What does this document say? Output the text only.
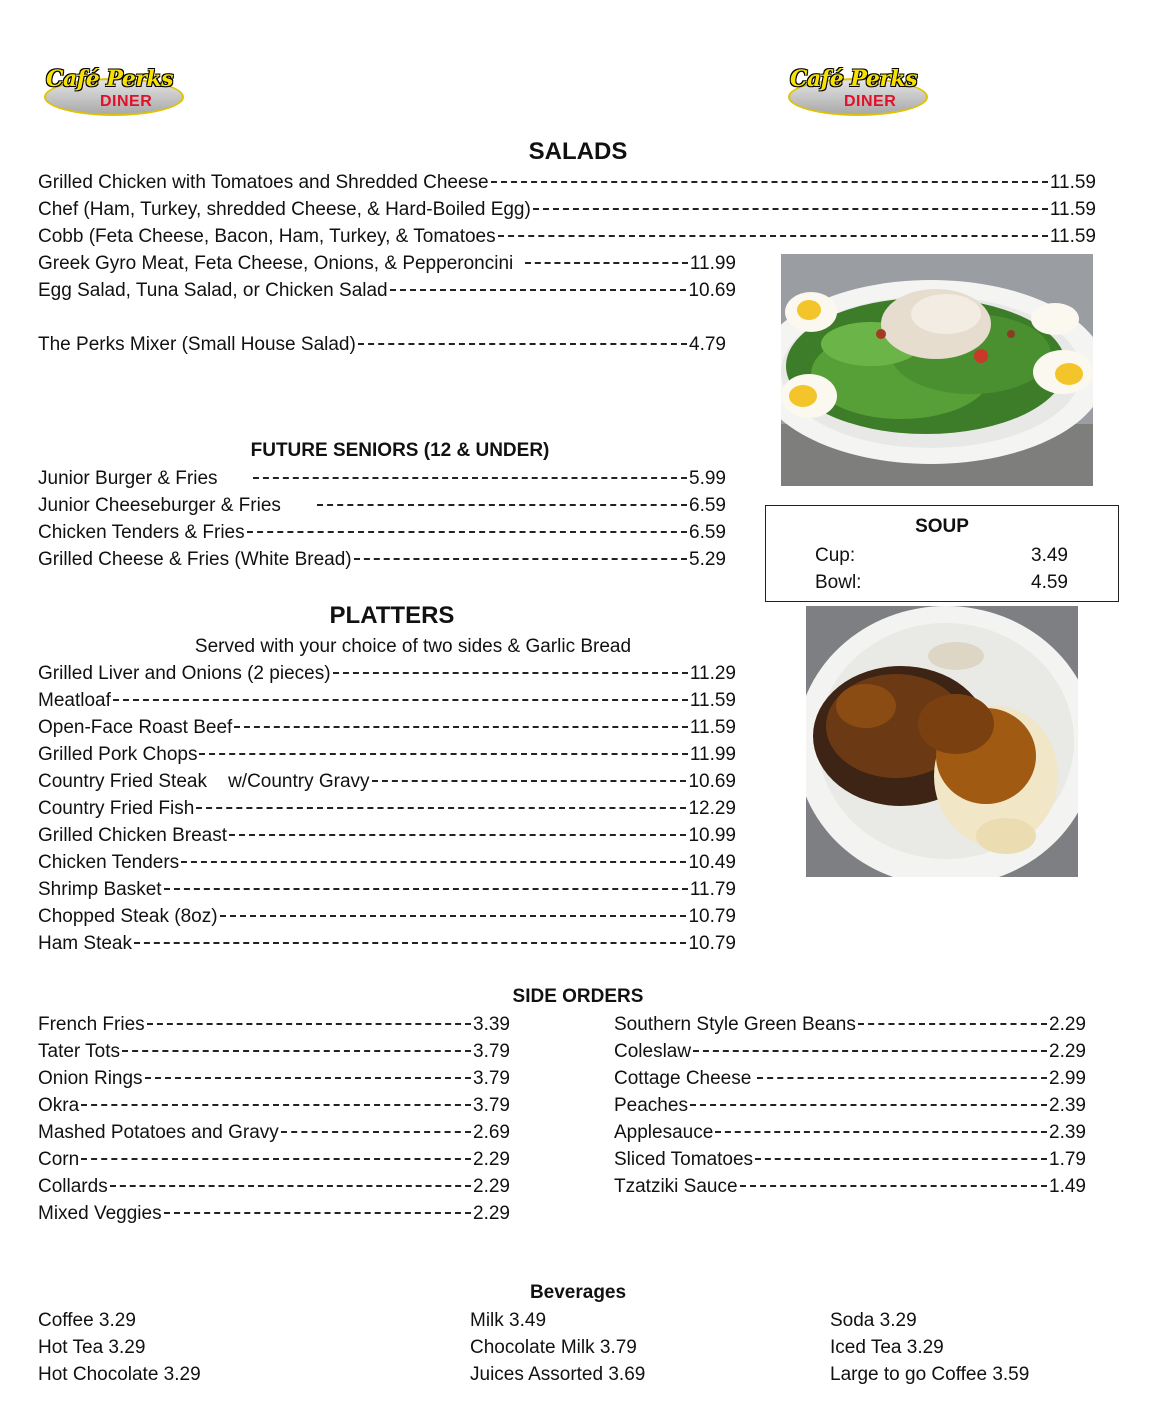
Café Perks
DINER
Café Perks
DINER
SALADS
Grilled Chicken with Tomatoes and Shredded Cheese	11.59
Chef (Ham, Turkey, shredded Cheese, & Hard-Boiled Egg)	11.59
Cobb (Feta Cheese, Bacon, Ham, Turkey, & Tomatoes	11.59
Greek Gyro Meat, Feta Cheese, Onions, & Pepperoncini	11.99
Egg Salad, Tuna Salad, or Chicken Salad	10.69
The Perks Mixer (Small House Salad)	4.79
FUTURE SENIORS (12 & UNDER)
Junior Burger & Fries	5.99
Junior Cheeseburger & Fries	6.59
Chicken Tenders & Fries	6.59
Grilled Cheese & Fries (White Bread)	5.29
SOUP
Cup:	3.49
Bowl:	4.59
PLATTERS
Served with your choice of two sides & Garlic Bread
Grilled Liver and Onions (2 pieces)	11.29
Meatloaf	11.59
Open-Face Roast Beef	11.59
Grilled Pork Chops	11.99
Country Fried Steak    w/Country Gravy	10.69
Country Fried Fish	12.29
Grilled Chicken Breast	10.99
Chicken Tenders	10.49
Shrimp Basket	11.79
Chopped Steak (8oz)	10.79
Ham Steak	10.79
SIDE ORDERS
French Fries	3.39
Tater Tots	3.79
Onion Rings	3.79
Okra	3.79
Mashed Potatoes and Gravy	2.69
Corn	2.29
Collards	2.29
Mixed Veggies	2.29
Southern Style Green Beans	2.29
Coleslaw	2.29
Cottage Cheese	2.99
Peaches	2.39
Applesauce	2.39
Sliced Tomatoes	1.79
Tzatziki Sauce	1.49
Beverages
Coffee 3.29
Hot Tea 3.29
Hot Chocolate 3.29
Milk 3.49
Chocolate Milk 3.79
Juices Assorted 3.69
Soda 3.29
Iced Tea 3.29
Large to go Coffee 3.59
